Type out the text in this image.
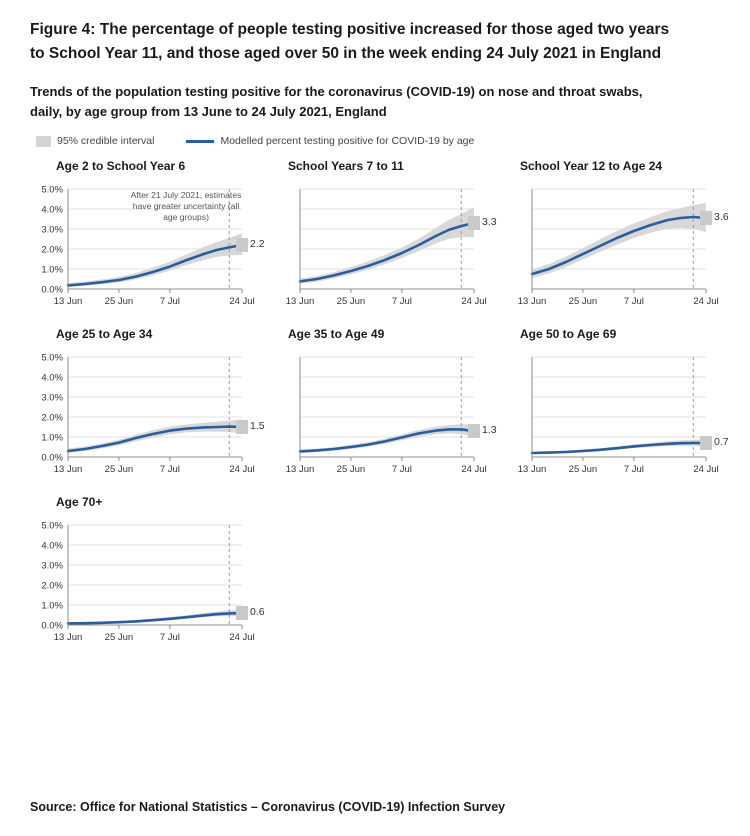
Figure 4: The percentage of people testing positive increased for those aged two years to School Year 11, and those aged over 50 in the week ending 24 July 2021 in England
Trends of the population testing positive for the coronavirus (COVID-19) on nose and throat swabs, daily, by age group from 13 June to 24 July 2021, England
95% credible interval	Modelled percent testing positive for COVID-19 by age
Age 2 to School Year 6
0.0%
1.0%
2.0%
3.0%
4.0%
5.0%
13 Jun 25 Jun	7 Jul	24 Jul
2.2
After 21 July 2021, estimates have greater uncertainty (all age groups)
School Years 7 to 11
13 Jun 25 Jun	7 Jul	24 Jul
3.3
School Year 12 to Age 24
13 Jun 25 Jun	7 Jul	24 Jul
3.6
Age 25 to Age 34
0.0%
1.0%
2.0%
3.0%
4.0%
5.0%
13 Jun 25 Jun	7 Jul	24 Jul
1.5
Age 35 to Age 49
13 Jun 25 Jun	7 Jul	24 Jul
1.3
Age 50 to Age 69
13 Jun 25 Jun	7 Jul	24 Jul
0.7
Age 70+
0.0%
1.0%
2.0%
3.0%
4.0%
5.0%
13 Jun 25 Jun	7 Jul	24 Jul
0.6
Source: Office for National Statistics – Coronavirus (COVID-19) Infection Survey
